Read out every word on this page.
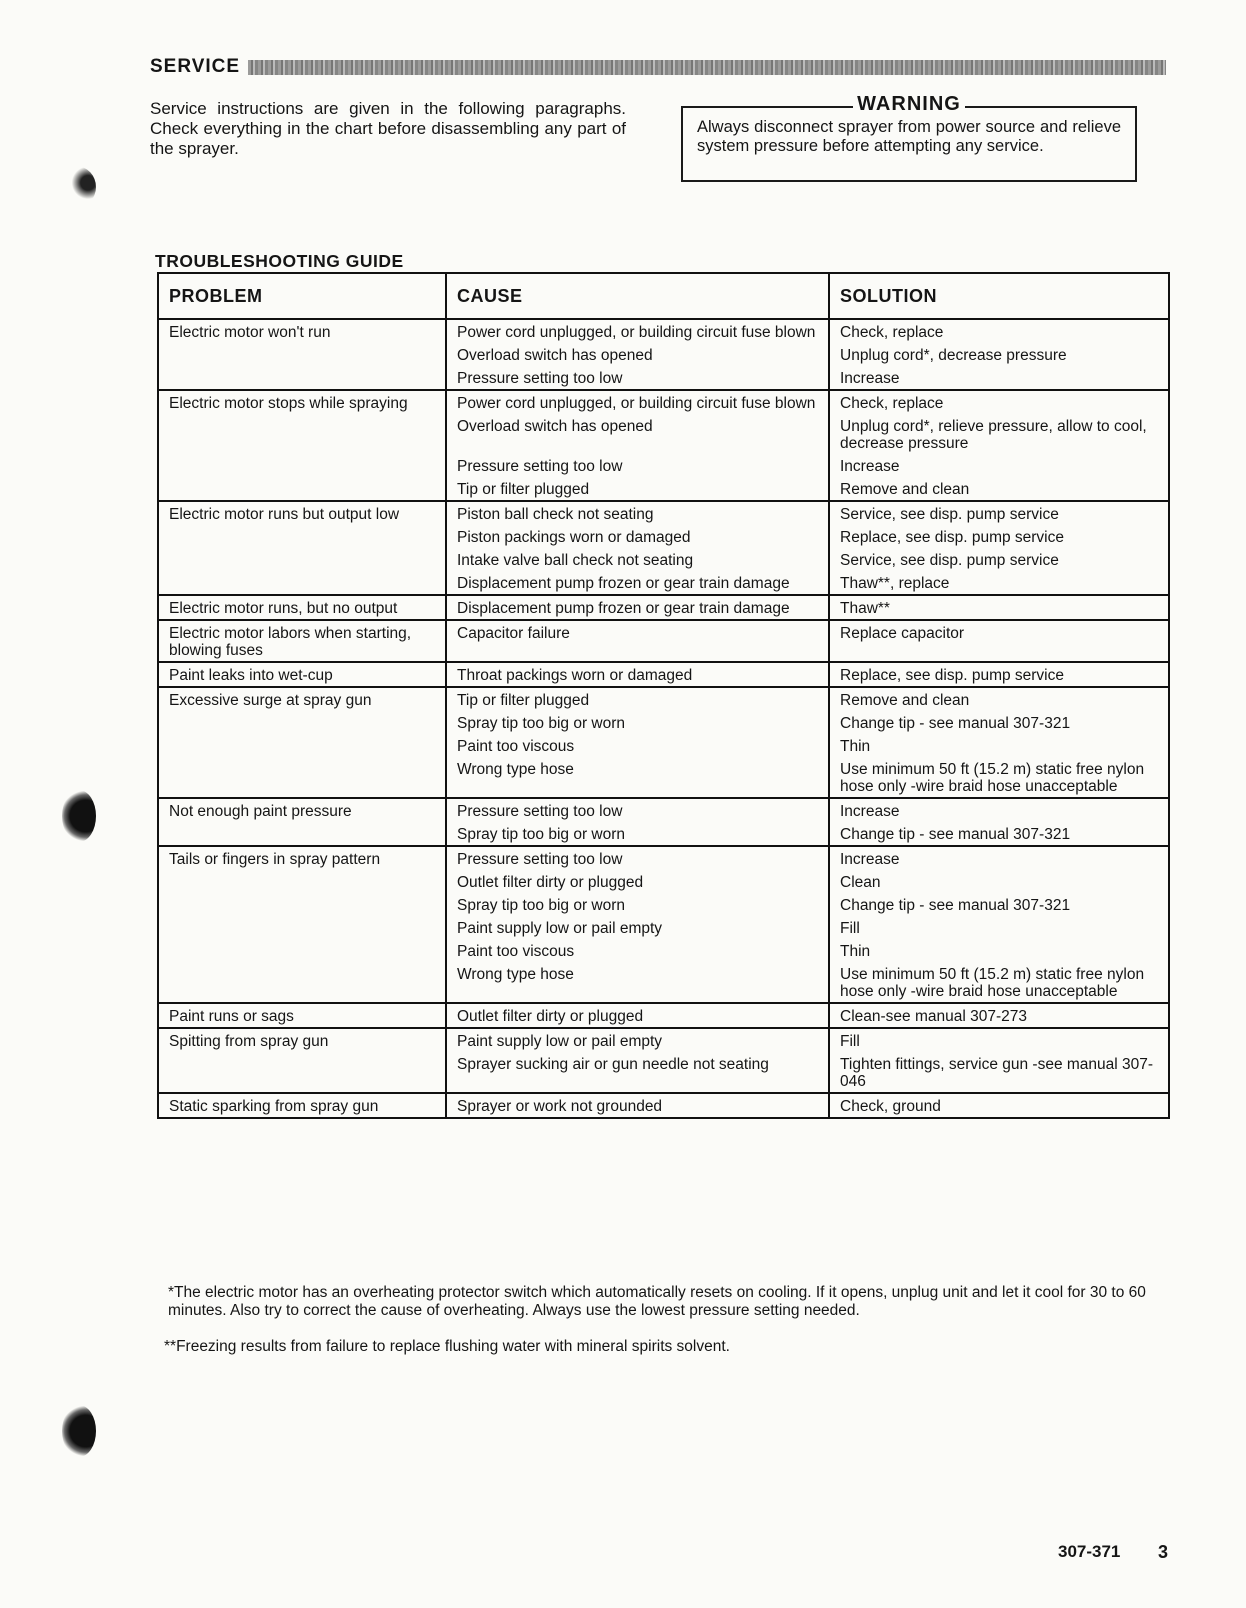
SERVICE
Service instructions are given in the following paragraphs. Check everything in the chart before disassembling any part of the sprayer.
WARNING
Always disconnect sprayer from power source and relieve system pressure before attempting any service.
TROUBLESHOOTING GUIDE
PROBLEM	CAUSE	SOLUTION
Electric motor won't run	Power cord unplugged, or building circuit fuse blown	Check, replace
	Overload switch has opened	Unplug cord*, decrease pressure
	Pressure setting too low	Increase
Electric motor stops while spraying	Power cord unplugged, or building circuit fuse blown	Check, replace
	Overload switch has opened	Unplug cord*, relieve pressure, allow to cool, decrease pressure
	Pressure setting too low	Increase
	Tip or filter plugged	Remove and clean
Electric motor runs but output low	Piston ball check not seating	Service, see disp. pump service
	Piston packings worn or damaged	Replace, see disp. pump service
	Intake valve ball check not seating	Service, see disp. pump service
	Displacement pump frozen or gear train damage	Thaw**, replace
Electric motor runs, but no output	Displacement pump frozen or gear train damage	Thaw**
Electric motor labors when starting, blowing fuses	Capacitor failure	Replace capacitor
Paint leaks into wet-cup	Throat packings worn or damaged	Replace, see disp. pump service
Excessive surge at spray gun	Tip or filter plugged	Remove and clean
	Spray tip too big or worn	Change tip - see manual 307-321
	Paint too viscous	Thin
	Wrong type hose	Use minimum 50 ft (15.2 m) static free nylon hose only -wire braid hose unacceptable
Not enough paint pressure	Pressure setting too low	Increase
	Spray tip too big or worn	Change tip - see manual 307-321
Tails or fingers in spray pattern	Pressure setting too low	Increase
	Outlet filter dirty or plugged	Clean
	Spray tip too big or worn	Change tip - see manual 307-321
	Paint supply low or pail empty	Fill
	Paint too viscous	Thin
	Wrong type hose	Use minimum 50 ft (15.2 m) static free nylon hose only -wire braid hose unacceptable
Paint runs or sags	Outlet filter dirty or plugged	Clean-see manual 307-273
Spitting from spray gun	Paint supply low or pail empty	Fill
	Sprayer sucking air or gun needle not seating	Tighten fittings, service gun -see manual 307-046
Static sparking from spray gun	Sprayer or work not grounded	Check, ground
*The electric motor has an overheating protector switch which automatically resets on cooling. If it opens, unplug unit and let it cool for 30 to 60 minutes. Also try to correct the cause of overheating. Always use the lowest pressure setting needed.
**Freezing results from failure to replace flushing water with mineral spirits solvent.
307-371 3
